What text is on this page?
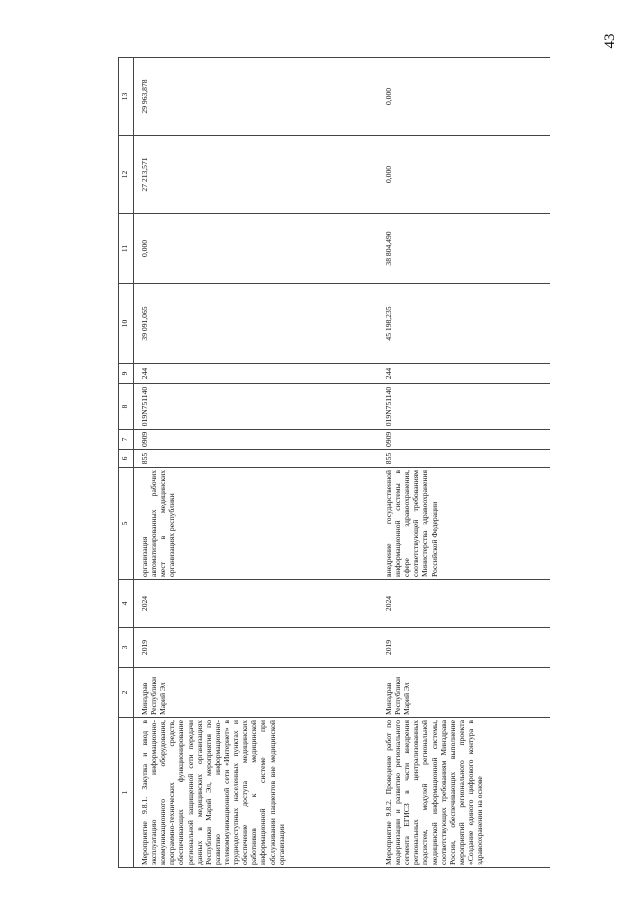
43
1	2	3	4	5	6	7	8	9	10	11	12	13
Мероприятие 9.8.1. Закупка и ввод в эксплуатацию информационно-коммуникационного оборудования, программно-технических средств, обеспечивающих функционирование региональной защищенной сети передачи данных в медицинских организациях Республики Марий Эл, мероприятия по развитию информационно-телекоммуникационной сети «Интернет» в труднодоступных населенных пунктах и обеспечение доступа медицинских работников к медицинской информационной системе при обслуживании пациентов вне медицинской организации	Минздрав Республики Марий Эл	2019	2024	организация автоматизированных рабочих мест в медицинских организациях республики	855	0909	019N751140	244	39 091,065	0,000	27 213,571	29 963,878
Мероприятие 9.8.2. Проведение работ по модернизации и развитию регионального сегмента ЕГИСЗ в части внедрения региональных централизованных подсистем, модулей региональной медицинской информационной системы, соответствующих требованиям Минздрава России, обеспечивающих выполнение мероприятий регионального проекта «Создание единого цифрового контура в здравоохранении на основе	Минздрав Республики Марий Эл	2019	2024	внедрение государственной информационной системы в сфере здравоохранения, соответствующей требованиям Министерства здравоохранения Российской Федерации	855	0909	019N751140	244	45 198,235	38 804,490	0,000	0,000
